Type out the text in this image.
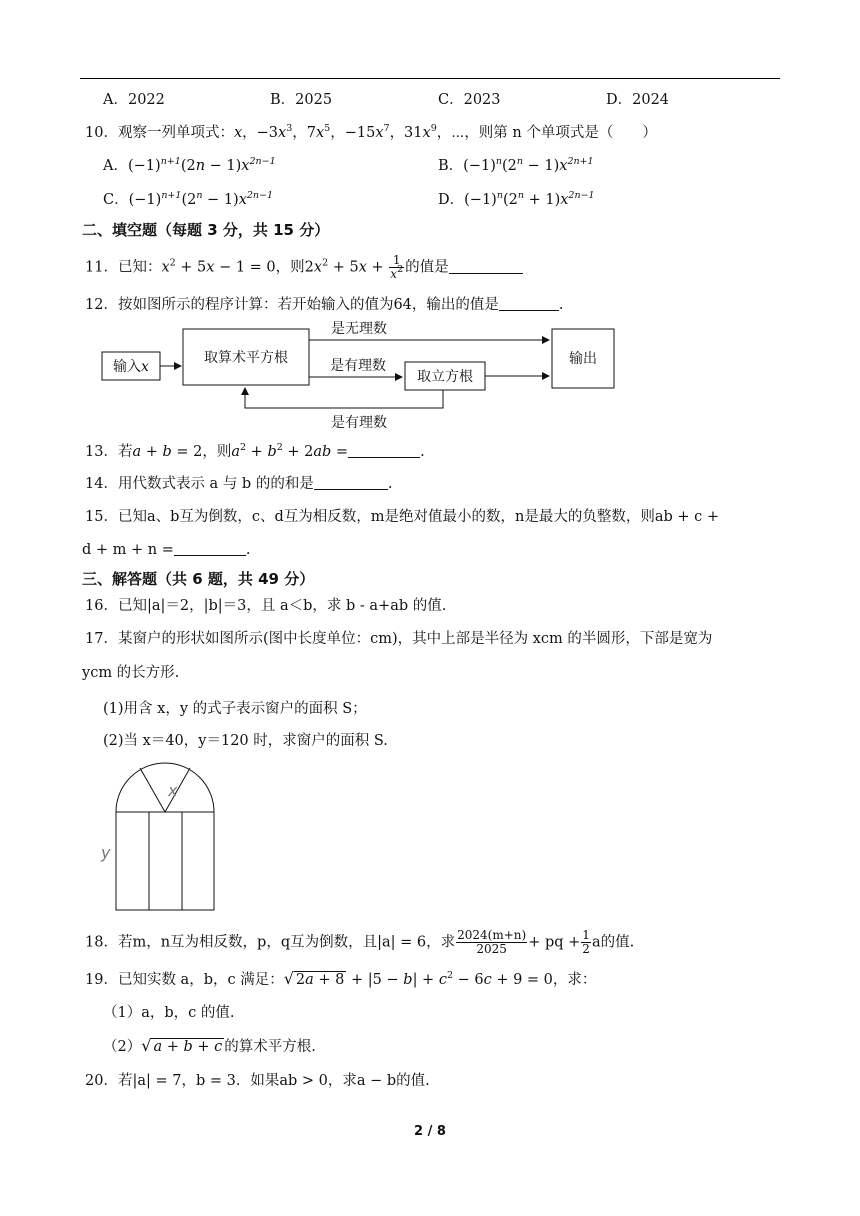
A．2022	B．2025	C．2023	D．2024
10．观察一列单项式：x，$-3x^3$，$7x^5$，$-15x^7$，$31x^9$，⋯，则第 n 个单项式是（　　）
A．$(-1)^{n+1}(2n - 1)x^{2n-1}$	B．$(-1)^n(2^n - 1)x^{2n+1}$
C．$(-1)^{n+1}(2^n - 1)x^{2n-1}$	D．$(-1)^n(2^n + 1)x^{2n-1}$
二、填空题（每题 3 分，共 15 分）
11．已知：$x^2 + 5x - 1 = 0$，则$2x^2 + 5x + \frac{1}{x^2}$ 的值是
12．按如图所示的程序计算：若开始输入的值为64，输出的值是	.
输入x
取算术平方根
是无理数
是有理数
取立方根
输出
是有理数
13．若a + b = 2，则$a^2 + b^2 + 2ab$ =	.
14．用代数式表示 a 与 b 的的和是	.
15．已知a、b互为倒数，c、d互为相反数，m是绝对值最小的数，n是最大的负整数，则ab + c +
d + m + n =	.
三、解答题（共 6 题，共 49 分）
16．已知|a|＝2，|b|＝3，且 a＜b，求 b - a+ab 的值.
17．某窗户的形状如图所示(图中长度单位：cm)，其中上部是半径为 xcm 的半圆形，下部是宽为
ycm 的长方形.
(1)用含 x，y 的式子表示窗户的面积 S；
(2)当 x＝40，y＝120 时，求窗户的面积 S.
x
y
18．若m，n互为相反数，p，q互为倒数，且|a| = 6，求 $\frac{2024(m+n)}{2025}$ + pq + $\frac{1}{2}$ a的值.
19．已知实数 a，b，c 满足：√ $2a + 8 + |5 - b| + c^2 - 6c + 9 = 0$，求：
（1）a，b，c 的值.
（2）√ a + b + c 的算术平方根.
20．若|a| = 7，b = 3．如果ab > 0，求a − b的值.
2 / 8
